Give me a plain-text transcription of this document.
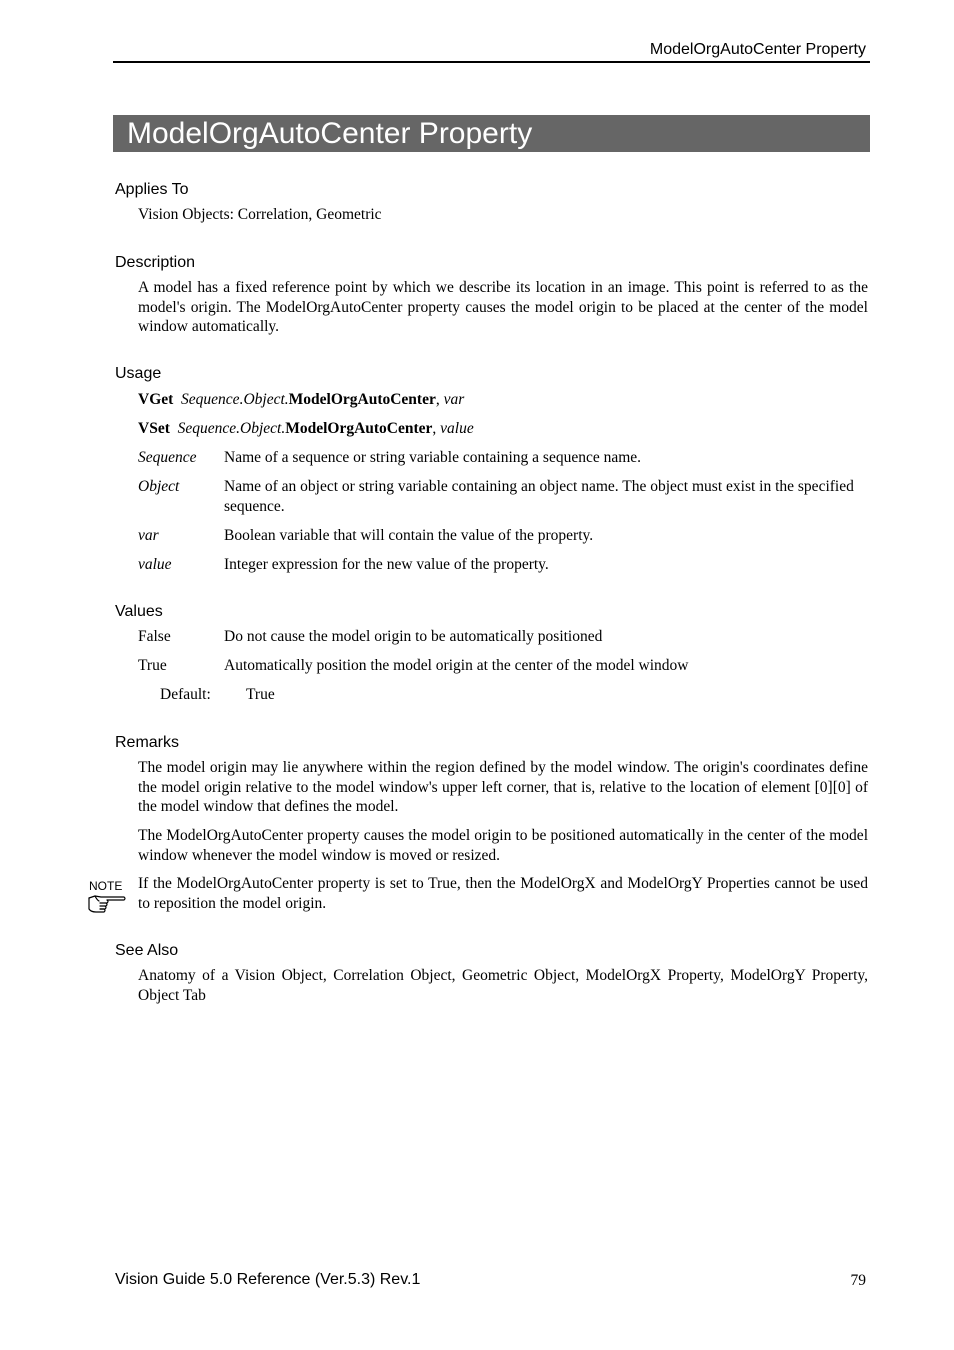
ModelOrgAutoCenter Property
ModelOrgAutoCenter Property
Applies To
Vision Objects: Correlation, Geometric
Description
A model has a fixed reference point by which we describe its location in an image. This point is referred to as the model's origin. The ModelOrgAutoCenter property causes the model origin to be placed at the center of the model window automatically.
Usage
VGet Sequence.Object.ModelOrgAutoCenter, var
VSet Sequence.Object.ModelOrgAutoCenter, value
Sequence Name of a sequence or string variable containing a sequence name.
Object	Name of an object or string variable containing an object name. The object must exist in the specified sequence.
var	Boolean variable that will contain the value of the property.
value	Integer expression for the new value of the property.
Values
False	Do not cause the model origin to be automatically positioned
True	Automatically position the model origin at the center of the model window
Default: True
Remarks
The model origin may lie anywhere within the region defined by the model window. The origin's coordinates define the model origin relative to the model window's upper left corner, that is, relative to the location of element [0][0] of the model window that defines the model.
The ModelOrgAutoCenter property causes the model origin to be positioned automatically in the center of the model window whenever the model window is moved or resized.
NOTE If the ModelOrgAutoCenter property is set to True, then the ModelOrgX and ModelOrgY Properties cannot be used to reposition the model origin.
See Also
Anatomy of a Vision Object, Correlation Object, Geometric Object, ModelOrgX Property, ModelOrgY Property, Object Tab
Vision Guide 5.0 Reference (Ver.5.3) Rev.1	79
